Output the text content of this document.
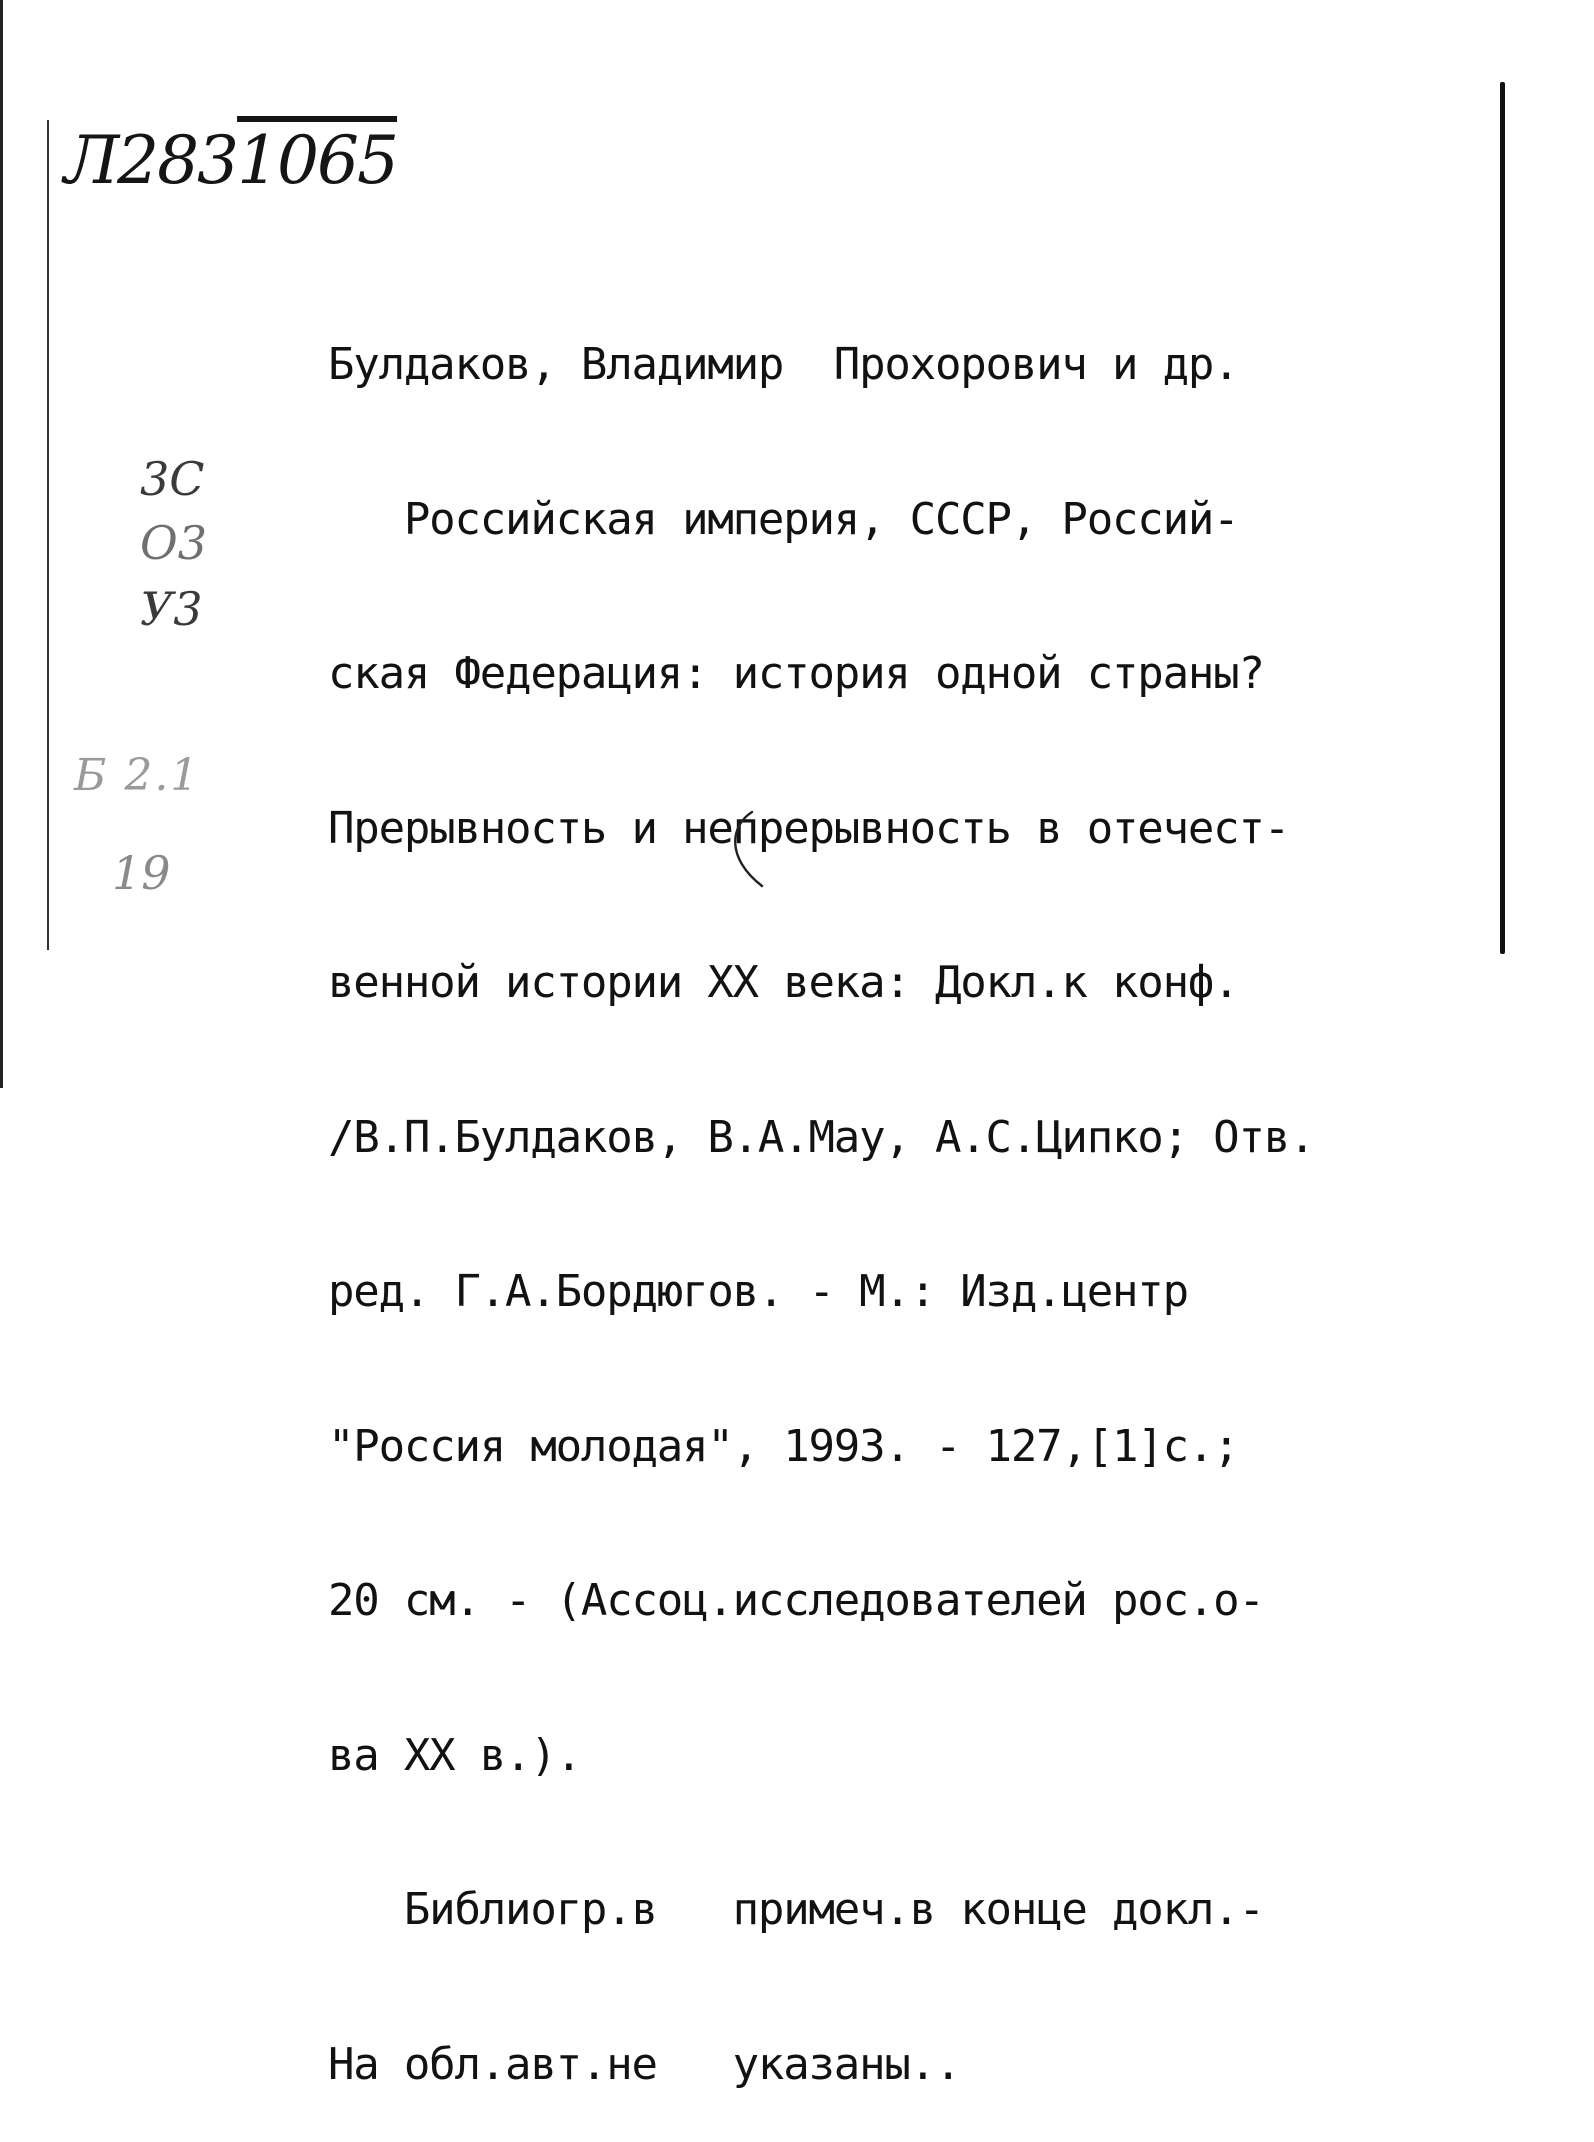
Л2831065
3С
О3
У3
Б 2.1
19

Булдаков, Владимир  Прохорович и др.

Российская империя, СССР, Россий-

ская Федерация: история одной страны?

Прерывность и непрерывность в отечест-

венной истории XX века: Докл.к конф.

/В.П.Булдаков, В.А.Мау, А.С.Ципко; Отв.

ред. Г.А.Бордюгов. - М.: Изд.центр

"Россия молодая", 1993. - 127,[1]с.;

20 см. - (Ассоц.исследователей рос.о-

ва XX в.).

Библиогр.в   примеч.в конце докл.-

На обл.авт.не   указаны..
